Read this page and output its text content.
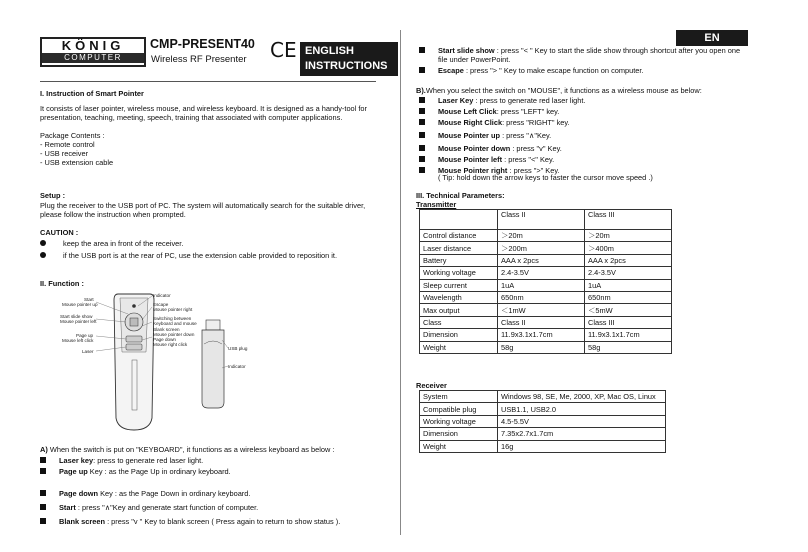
KÖNIG
COMPUTER
CMP-PRESENT40
Wireless RF Presenter CE ENGLISH
INSTRUCTIONS
EN
I. Instruction of Smart Pointer
It consists of laser pointer, wireless mouse, and wireless keyboard. It is designed as a handy-tool for presentation, teaching, meeting, speech, training that associated with computer applications.
Package Contents :
- Remote control
- USB receiver
- USB extension cable
Setup :
Plug the receiver to the USB port of PC. The system will automatically search for the suitable driver, please follow the instruction when prompted.
CAUTION :
keep the area in front of the receiver.
if the USB port is at the rear of PC, use the extension cable provided to reposition it.
II. Function :
Start
Mouse pointer up
Start slide show
Mouse pointer left
Page up
Mouse left click
Laser
Indicator
Escape
Mouse pointer right
Switching between
Keyboard and mouse
Blank screen
Mouse pointer down
Page down
Mouse right click
USB plug
Indicator
A) When the switch is put on "KEYBOARD", it functions as a wireless keyboard as below :
Laser key: press to generate red laser light.
Page up Key : as the Page Up in ordinary keyboard.
Page down Key : as the Page Down in ordinary keyboard.
Start : press "∧"Key and generate start function of computer.
Blank screen : press "v " Key to blank screen ( Press again to return to show status ).
Start slide show : press "< " Key to start the slide show through shortcut after you open one file under PowerPoint.
Escape : press "> " Key to make escape function on computer.
B).When you select the switch on "MOUSE", it functions as a wireless mouse as below:
Laser Key : press to generate red laser light.
Mouse Left Click: press "LEFT" key.
Mouse Right Click: press "RIGHT" key.
Mouse Pointer up : press "∧"Key.
Mouse Pointer down : press "v" Key.
Mouse Pointer left : press "<" Key.
Mouse Pointer right : press ">" Key.
( Tip: hold down the arrow keys to faster the cursor move speed .)
III. Technical Parameters:
Transmitter
	Class II	Class III
Control distance	＞20m	＞20m
Laser distance	＞200m	＞400m
Battery	AAA x 2pcs	AAA x 2pcs
Working voltage	2.4-3.5V	2.4-3.5V
Sleep current	1uA	1uA
Wavelength	650nm	650nm
Max output	＜1mW	＜5mW
Class	Class II	Class III
Dimension	11.9x3.1x1.7cm	11.9x3.1x1.7cm
Weight	58g	58g
Receiver
System	Windows 98, SE, Me, 2000, XP, Mac OS, Linux
Compatible plug	USB1.1, USB2.0
Working voltage	4.5-5.5V
Dimension	7.35x2.7x1.7cm
Weight	16g
